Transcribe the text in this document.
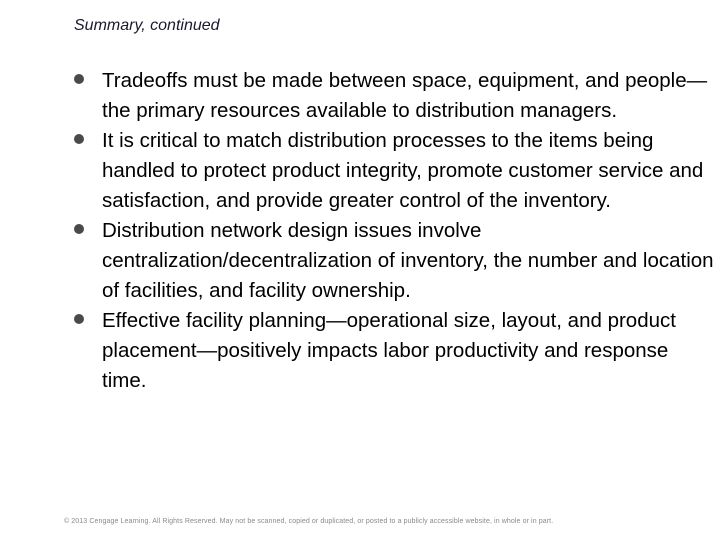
Summary, continued
Tradeoffs must be made between space, equipment, and people—the primary resources available to distribution managers.
It is critical to match distribution processes to the items being handled to protect product integrity, promote customer service and satisfaction, and provide greater control of the inventory.
Distribution network design issues involve centralization/decentralization of inventory, the number and location of facilities, and facility ownership.
Effective facility planning—operational size, layout, and product placement—positively impacts labor productivity and response time.
© 2013 Cengage Learning. All Rights Reserved. May not be scanned, copied or duplicated, or posted to a publicly accessible website, in whole or in part.
